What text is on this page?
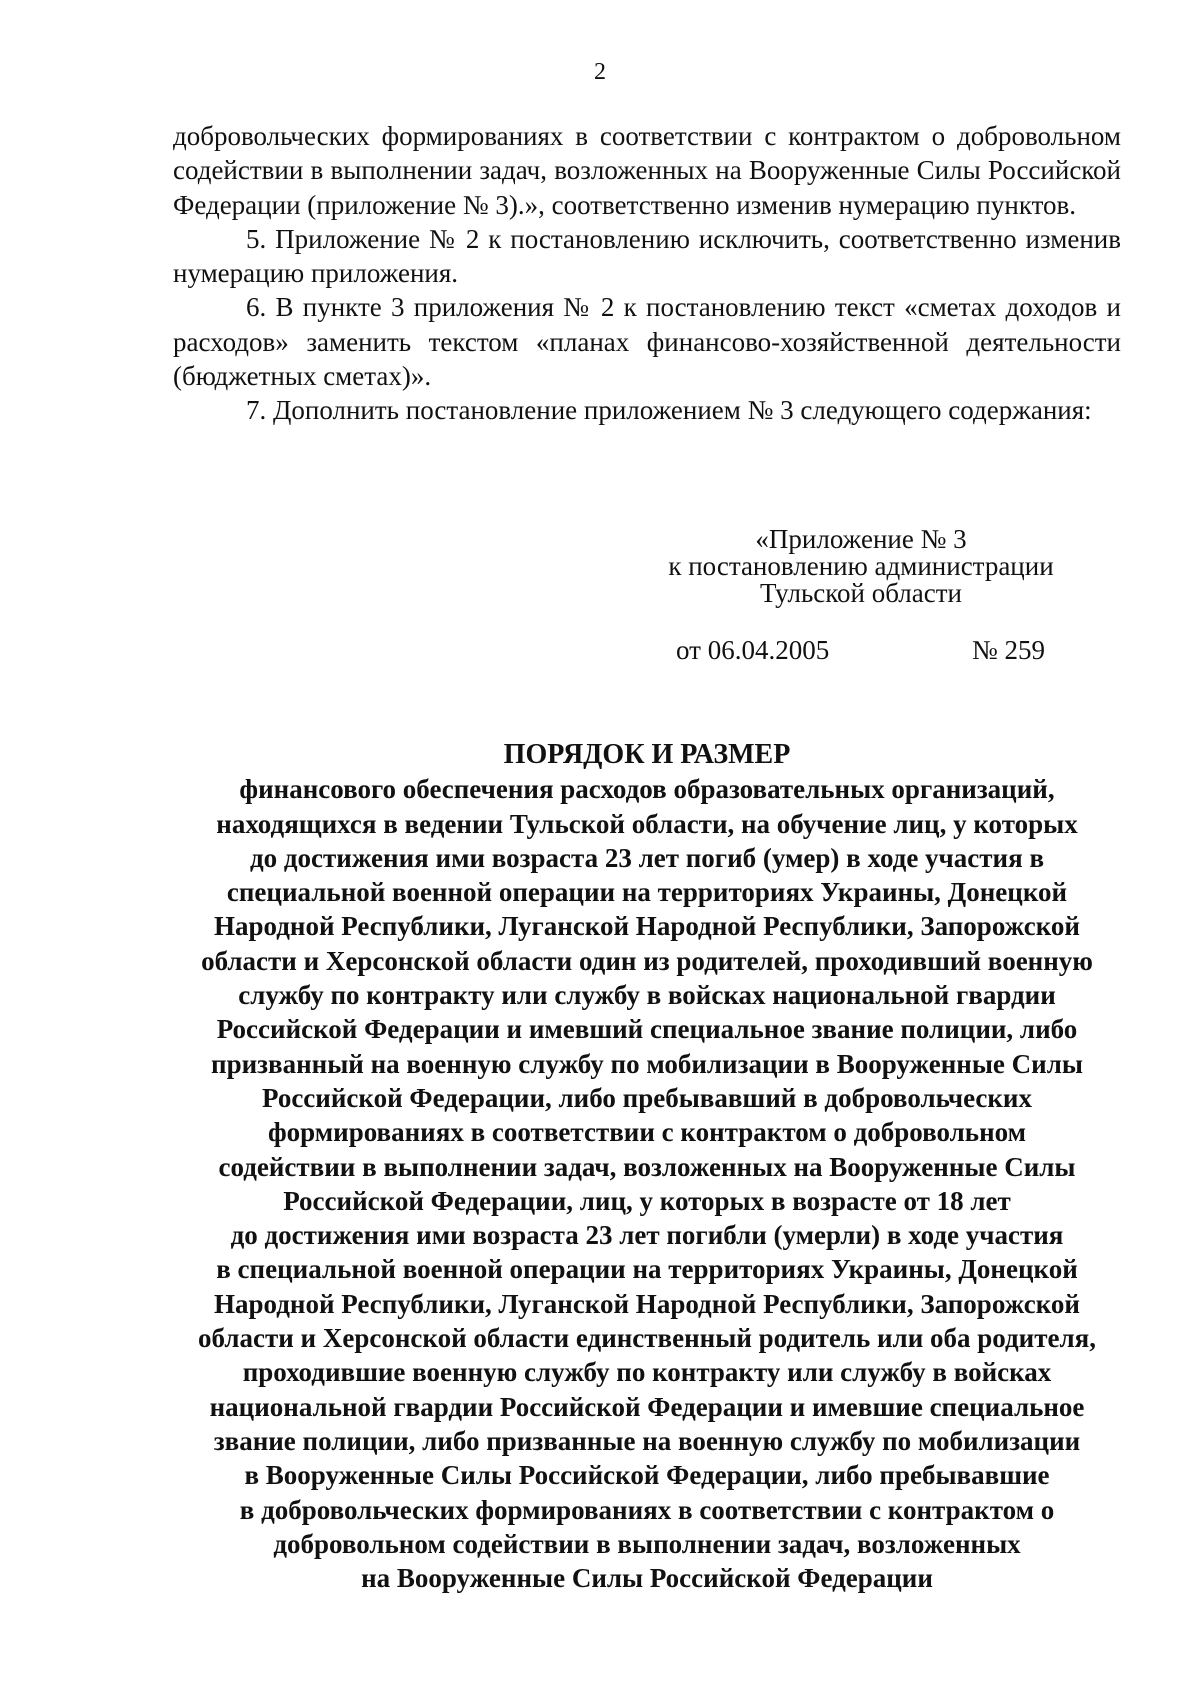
2

добровольческих формированиях в соответствии с контрактом о добровольном содействии в выполнении задач, возложенных на Вооруженные Силы Российской Федерации (приложение № 3).», соответственно изменив нумерацию пунктов.

5. Приложение № 2 к постановлению исключить, соответственно изменив нумерацию приложения.

6. В пункте 3 приложения № 2 к постановлению текст «сметах доходов и расходов» заменить текстом «планах финансово-хозяйственной деятельности (бюджетных сметах)».

7. Дополнить постановление приложением № 3 следующего содержания:

«Приложение № 3
к постановлению администрации
Тульской области
от 06.04.2005	№ 259
ПОРЯДОК И РАЗМЕР
финансового обеспечения расходов образовательных организаций,
находящихся в ведении Тульской области, на обучение лиц, у которых
до достижения ими возраста 23 лет погиб (умер) в ходе участия в
специальной военной операции на территориях Украины, Донецкой
Народной Республики, Луганской Народной Республики, Запорожской
области и Херсонской области один из родителей, проходивший военную
службу по контракту или службу в войсках национальной гвардии
Российской Федерации и имевший специальное звание полиции, либо
призванный на военную службу по мобилизации в Вооруженные Силы
Российской Федерации, либо пребывавший в добровольческих
формированиях в соответствии с контрактом о добровольном
содействии в выполнении задач, возложенных на Вооруженные Силы
Российской Федерации, лиц, у которых в возрасте от 18 лет
до достижения ими возраста 23 лет погибли (умерли) в ходе участия
в специальной военной операции на территориях Украины, Донецкой
Народной Республики, Луганской Народной Республики, Запорожской
области и Херсонской области единственный родитель или оба родителя,
проходившие военную службу по контракту или службу в войсках
национальной гвардии Российской Федерации и имевшие специальное
звание полиции, либо призванные на военную службу по мобилизации
в Вооруженные Силы Российской Федерации, либо пребывавшие
в добровольческих формированиях в соответствии с контрактом о
добровольном содействии в выполнении задач, возложенных
на Вооруженные Силы Российской Федерации
